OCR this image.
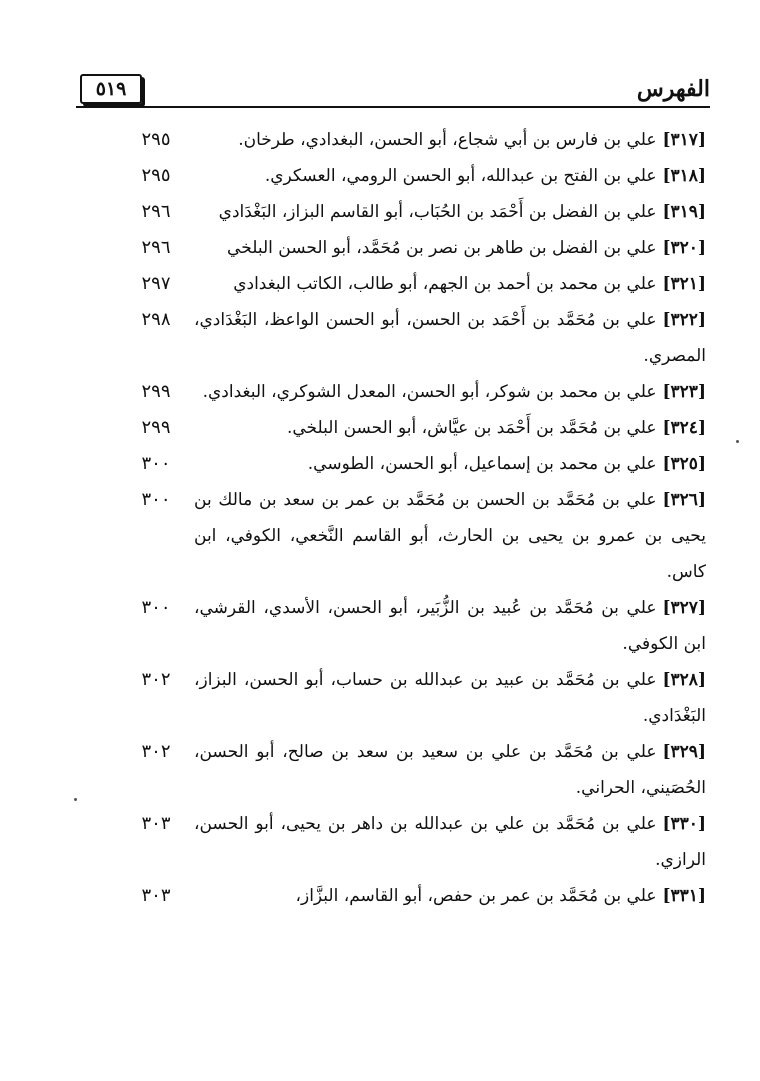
٥١٩	الفهرس
[٣١٧]علي بن فارس بن أبي شجاع، أبو الحسن، البغدادي، طرخان.
٢٩٥
[٣١٨]علي بن الفتح بن عبدالله، أبو الحسن الرومي، العسكري.
٢٩٥
[٣١٩]علي بن الفضل بن أَحْمَد بن الحُبَاب، أبو القاسم البزاز، البَغْدَادي
٢٩٦
[٣٢٠]علي بن الفضل بن طاهر بن نصر بن مُحَمَّد، أبو الحسن البلخي
٢٩٦
[٣٢١]علي بن محمد بن أحمد بن الجهم، أبو طالب، الكاتب البغدادي
٢٩٧
[٣٢٢]علي بن مُحَمَّد بن أَحْمَد بن الحسن، أبو الحسن الواعظ، البَغْدَادي، المصري.
٢٩٨
[٣٢٣]علي بن محمد بن شوكر، أبو الحسن، المعدل الشوكري، البغدادي.
٢٩٩
[٣٢٤]علي بن مُحَمَّد بن أَحْمَد بن عيَّاش، أبو الحسن البلخي.
٢٩٩
[٣٢٥]علي بن محمد بن إسماعيل، أبو الحسن، الطوسي.
٣٠٠
[٣٢٦]علي بن مُحَمَّد بن الحسن بن مُحَمَّد بن عمر بن سعد بن مالك بن يحيى بن عمرو بن يحيى بن الحارث، أبو القاسم النَّخعي، الكوفي، ابن كاس.
٣٠٠
[٣٢٧]علي بن مُحَمَّد بن عُبيد بن الزُّبَير، أبو الحسن، الأسدي، القرشي، ابن الكوفي.
٣٠٠
[٣٢٨]علي بن مُحَمَّد بن عبيد بن عبدالله بن حساب، أبو الحسن، البزاز، البَغْدَادي.
٣٠٢
[٣٢٩]علي بن مُحَمَّد بن علي بن سعيد بن سعد بن صالح، أبو الحسن، الحُصَيني، الحراني.
٣٠٢
[٣٣٠]علي بن مُحَمَّد بن علي بن عبدالله بن داهر بن يحيى، أبو الحسن، الرازي.
٣٠٣
[٣٣١]علي بن مُحَمَّد بن عمر بن حفص، أبو القاسم، البزَّاز،
٣٠٣
